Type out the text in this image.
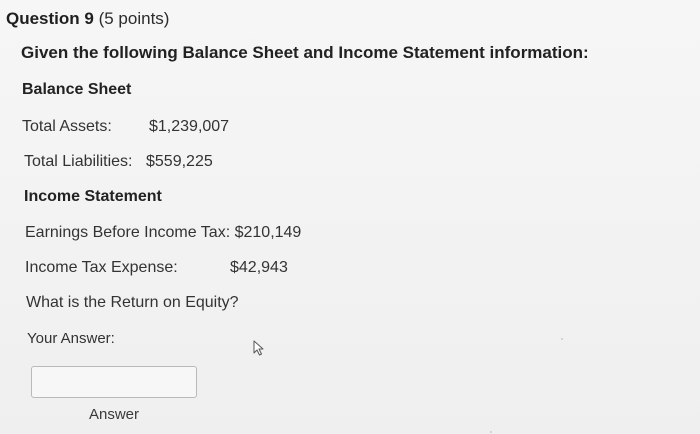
Question 9 (5 points)
Given the following Balance Sheet and Income Statement information:
Balance Sheet
Total Assets: $1,239,007
Total Liabilities: $559,225
Income Statement
Earnings Before Income Tax: $210,149
Income Tax Expense:	$42,943
What is the Return on Equity?
Your Answer:
Answer
